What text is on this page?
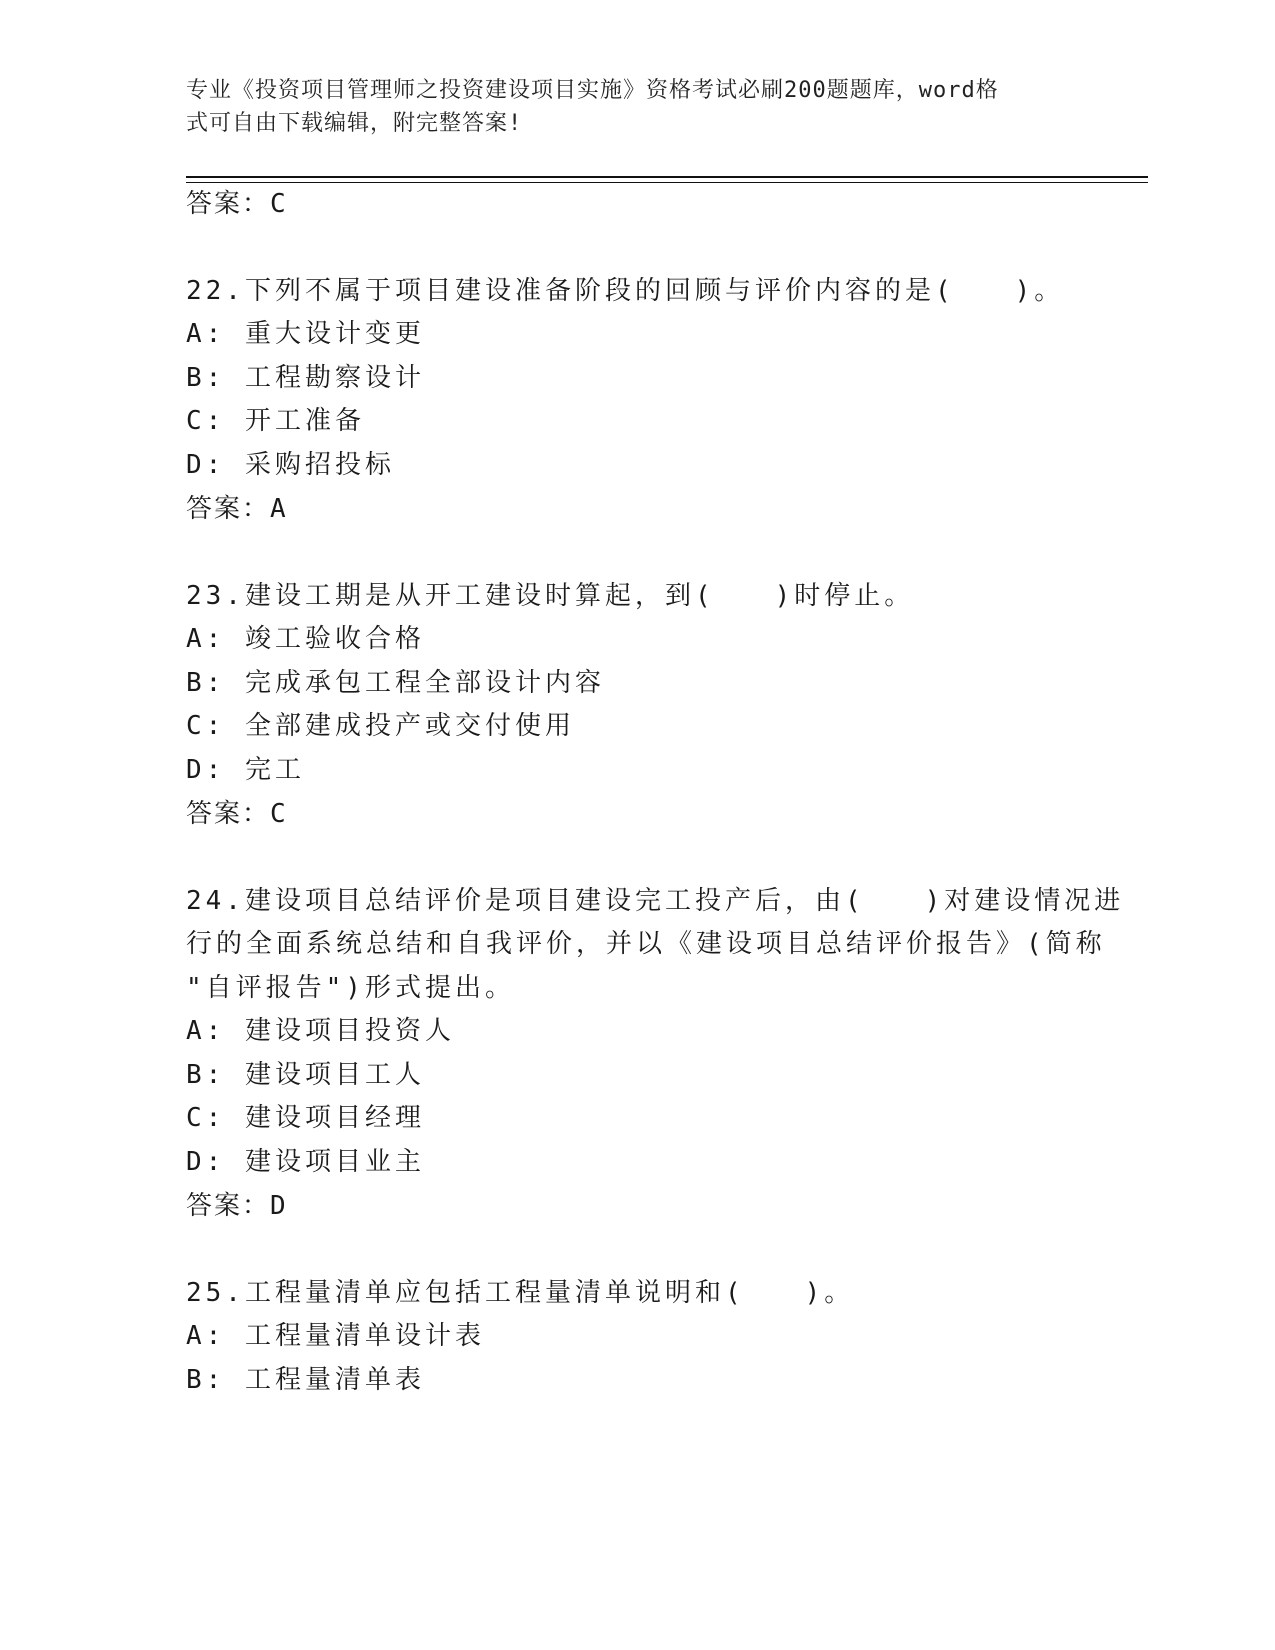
专业《投资项目管理师之投资建设项目实施》资格考试必刷200题题库，word格
式可自由下载编辑，附完整答案!
答案：C
22.下列不属于项目建设准备阶段的回顾与评价内容的是(　　)。
A: 重大设计变更
B: 工程勘察设计
C: 开工准备
D: 采购招投标
答案：A
23.建设工期是从开工建设时算起，到(　　)时停止。
A: 竣工验收合格
B: 完成承包工程全部设计内容
C: 全部建成投产或交付使用
D: 完工
答案：C
24.建设项目总结评价是项目建设完工投产后，由(　　)对建设情况进
行的全面系统总结和自我评价，并以《建设项目总结评价报告》(简称
"自评报告")形式提出。
A: 建设项目投资人
B: 建设项目工人
C: 建设项目经理
D: 建设项目业主
答案：D
25.工程量清单应包括工程量清单说明和(　　)。
A: 工程量清单设计表
B: 工程量清单表
